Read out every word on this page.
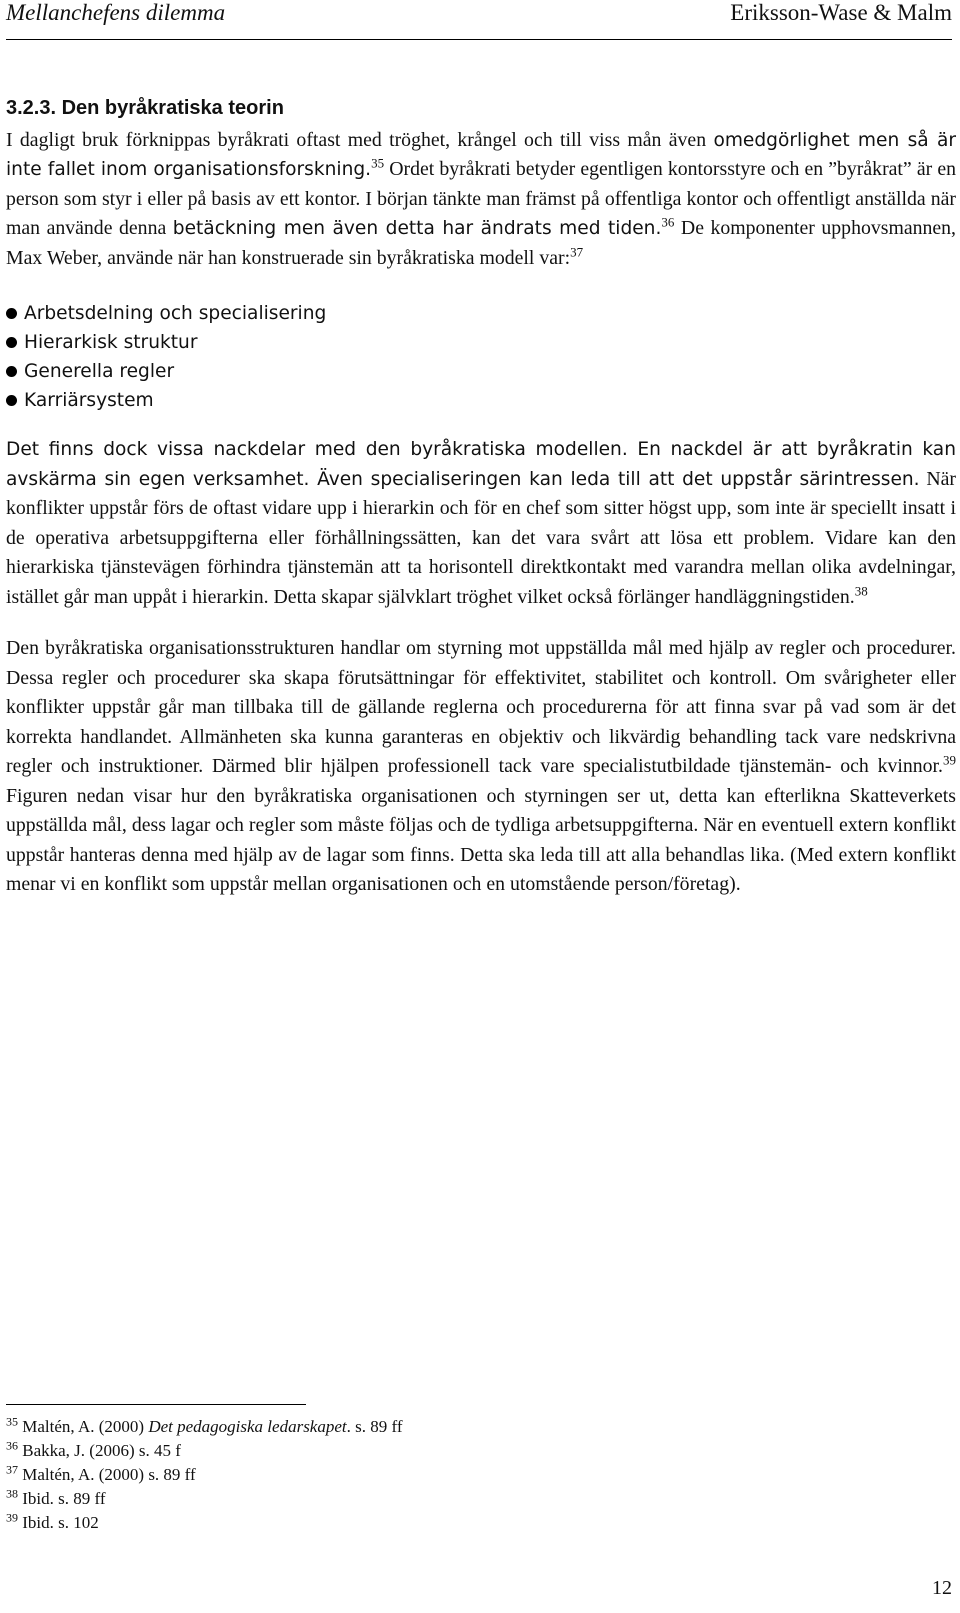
Mellanchefens dilemma	Eriksson-Wase & Malm
3.2.3. Den byråkratiska teorin

I dagligt bruk förknippas byråkrati oftast med tröghet, krångel och till viss mån även omedgörlighet men så är inte fallet inom organisationsforskning.$^{35}$ Ordet byråkrati betyder egentligen kontorsstyre och en ”byråkrat” är en person som styr i eller på basis av ett kontor. I början tänkte man främst på offentliga kontor och offentligt anställda när man använde denna betäckning men även detta har ändrats med tiden.$^{36}$ De komponenter upphovsmannen, Max Weber, använde när han konstruerade sin byråkratiska modell var:$^{37}$

Arbetsdelning och specialisering
Hierarkisk struktur
Generella regler
Karriärsystem

Det finns dock vissa nackdelar med den byråkratiska modellen. En nackdel är att byråkratin kan avskärma sin egen verksamhet. Även specialiseringen kan leda till att det uppstår särintressen. När konflikter uppstår förs de oftast vidare upp i hierarkin och för en chef som sitter högst upp, som inte är speciellt insatt i de operativa arbetsuppgifterna eller förhållningssätten, kan det vara svårt att lösa ett problem. Vidare kan den hierarkiska tjänstevägen förhindra tjänstemän att ta horisontell direktkontakt med varandra mellan olika avdelningar, istället går man uppåt i hierarkin. Detta skapar självklart tröghet vilket också förlänger handläggningstiden.$^{38}$

Den byråkratiska organisationsstrukturen handlar om styrning mot uppställda mål med hjälp av regler och procedurer. Dessa regler och procedurer ska skapa förutsättningar för effektivitet, stabilitet och kontroll. Om svårigheter eller konflikter uppstår går man tillbaka till de gällande reglerna och procedurerna för att finna svar på vad som är det korrekta handlandet. Allmänheten ska kunna garanteras en objektiv och likvärdig behandling tack vare nedskrivna regler och instruktioner. Därmed blir hjälpen professionell tack vare specialistutbildade tjänstemän- och kvinnor.$^{39}$ Figuren nedan visar hur den byråkratiska organisationen och styrningen ser ut, detta kan efterlikna Skatteverkets uppställda mål, dess lagar och regler som måste följas och de tydliga arbetsuppgifterna. När en eventuell extern konflikt uppstår hanteras denna med hjälp av de lagar som finns. Detta ska leda till att alla behandlas lika. (Med extern konflikt menar vi en konflikt som uppstår mellan organisationen och en utomstående person/företag).

$^{35}$ Maltén, A. (2000) Det pedagogiska ledarskapet. s. 89 ff
$^{36}$ Bakka, J. (2006) s. 45 f
$^{37}$ Maltén, A. (2000) s. 89 ff
$^{38}$ Ibid. s. 89 ff
$^{39}$ Ibid. s. 102
12
